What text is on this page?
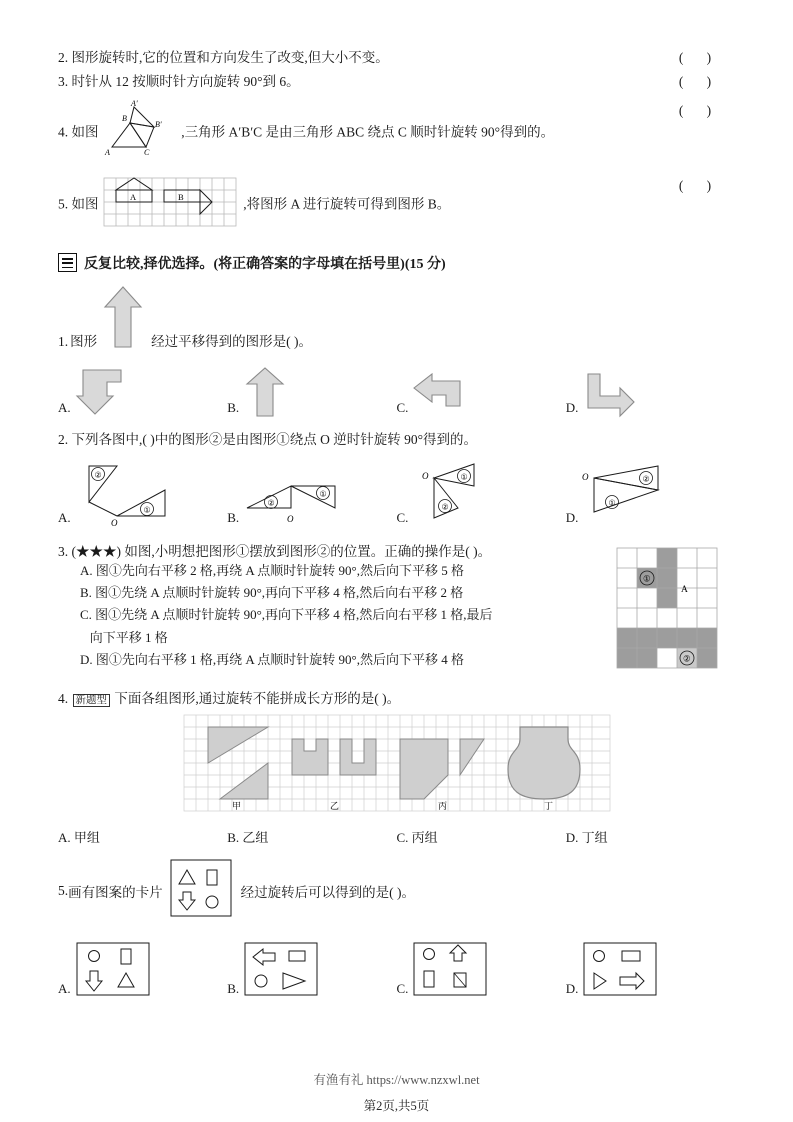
2. 图形旋转时,它的位置和方向发生了改变,但大小不变。	( )
3. 时针从 12 按顺时针方向旋转 90°到 6。	( )
4. 如图
A′
B′
A	C
B
,三角形 A′B′C 是由三角形 ABC 绕点 C 顺时针旋转 90°得到的。
( )
5. 如图	A	B	,将图形 A 进行旋转可得到图形 B。
( )
反复比较,择优选择。(将正确答案的字母填在括号里)(15 分)
1. 图形	经过平移得到的图形是( )。
A.	B.	C.	D.
2. 下列各图中,( )中的图形②是由图形①绕点 O 逆时针旋转 90°得到的。
A.
②
①
O	B.
②
①
O	C.
①
②
O
D.
O	②
①
3. (★★★) 如图,小明想把图形①摆放到图形②的位置。正确的操作是( )。
A. 图①先向右平移 2 格,再绕 A 点顺时针旋转 90°,然后向下平移 5 格
B. 图①先绕 A 点顺时针旋转 90°,再向下平移 4 格,然后向右平移 2 格
C. 图①先绕 A 点顺时针旋转 90°,再向下平移 4 格,然后向右平移 1 格,最后
向下平移 1 格
D. 图①先向右平移 1 格,再绕 A 点顺时针旋转 90°,然后向下平移 4 格
①
A
②
4. 新题型 下面各组图形,通过旋转不能拼成长方形的是( )。
甲	乙	丙	丁
A. 甲组	B. 乙组	C. 丙组	D. 丁组
5. 画有图案的卡片	经过旋转后可以得到的是( )。
A.	B.	C.	D.
有渔有礼 https://www.nzxwl.net
第2页,共5页
